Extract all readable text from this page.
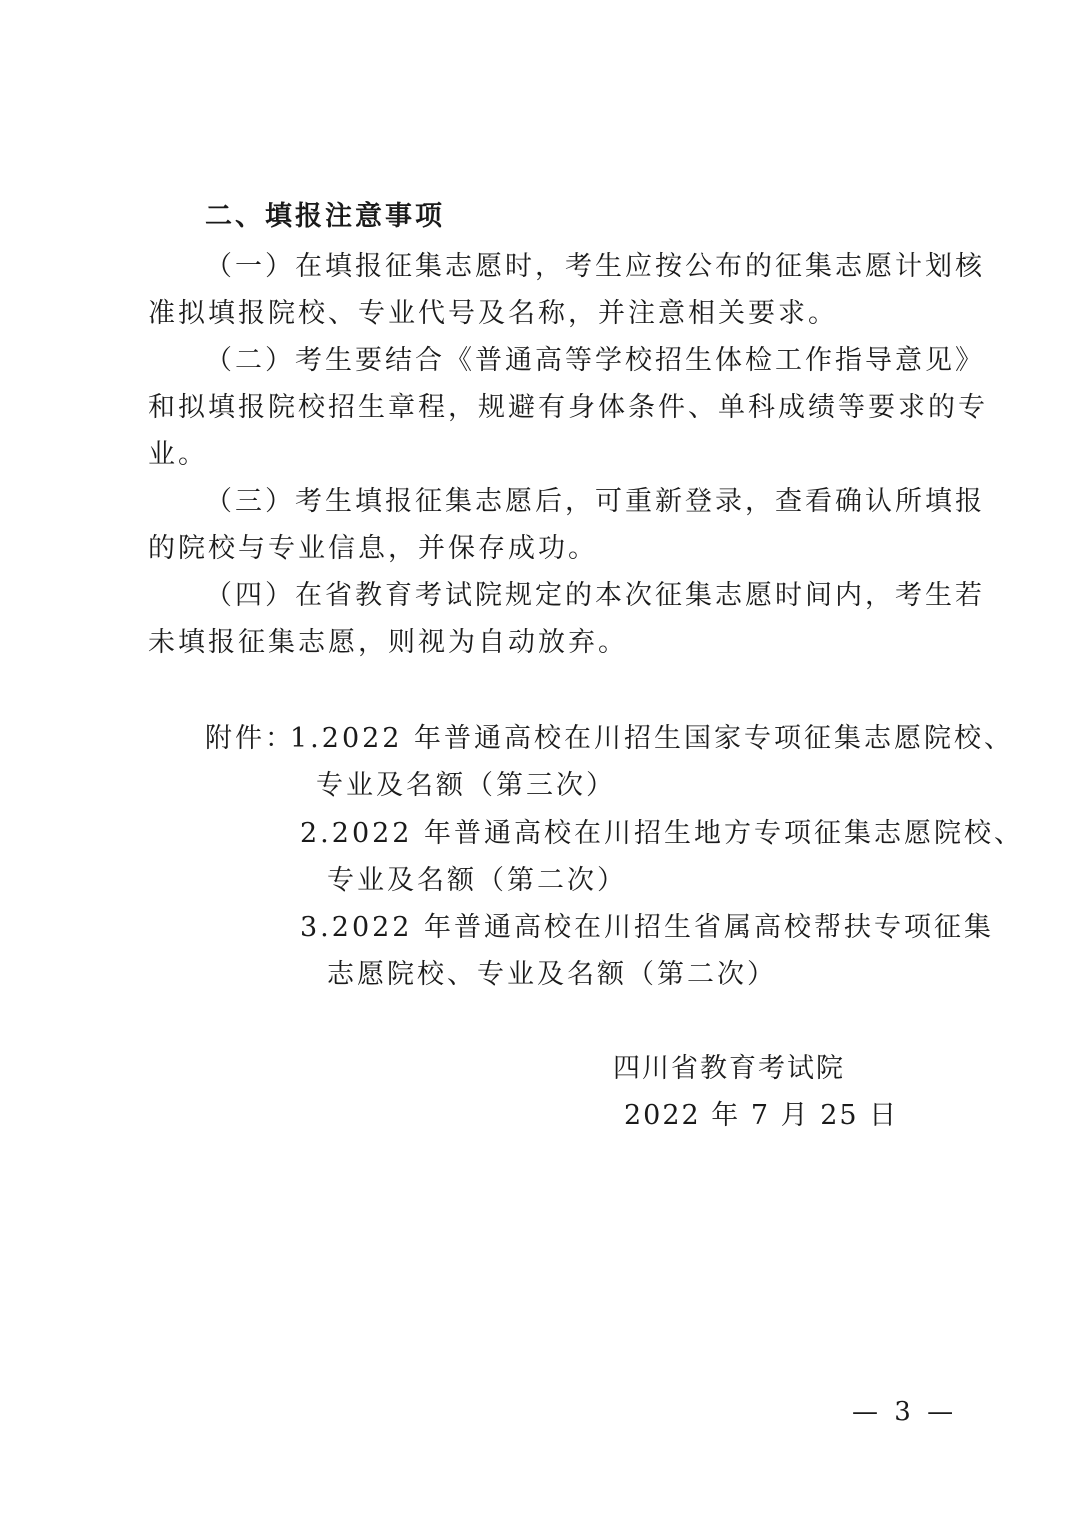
二、填报注意事项
（一）在填报征集志愿时，考生应按公布的征集志愿计划核
准拟填报院校、专业代号及名称，并注意相关要求。
（二）考生要结合《普通高等学校招生体检工作指导意见》
和拟填报院校招生章程，规避有身体条件、单科成绩等要求的专
业。
（三）考生填报征集志愿后，可重新登录，查看确认所填报
的院校与专业信息，并保存成功。
（四）在省教育考试院规定的本次征集志愿时间内，考生若
未填报征集志愿，则视为自动放弃。
附件：
1.2022 年普通高校在川招生国家专项征集志愿院校、
专业及名额（第三次）
2.2022 年普通高校在川招生地方专项征集志愿院校、
专业及名额（第二次）
3.2022 年普通高校在川招生省属高校帮扶专项征集
志愿院校、专业及名额（第二次）
四川省教育考试院
2022 年 7 月 25 日
— 3 —
